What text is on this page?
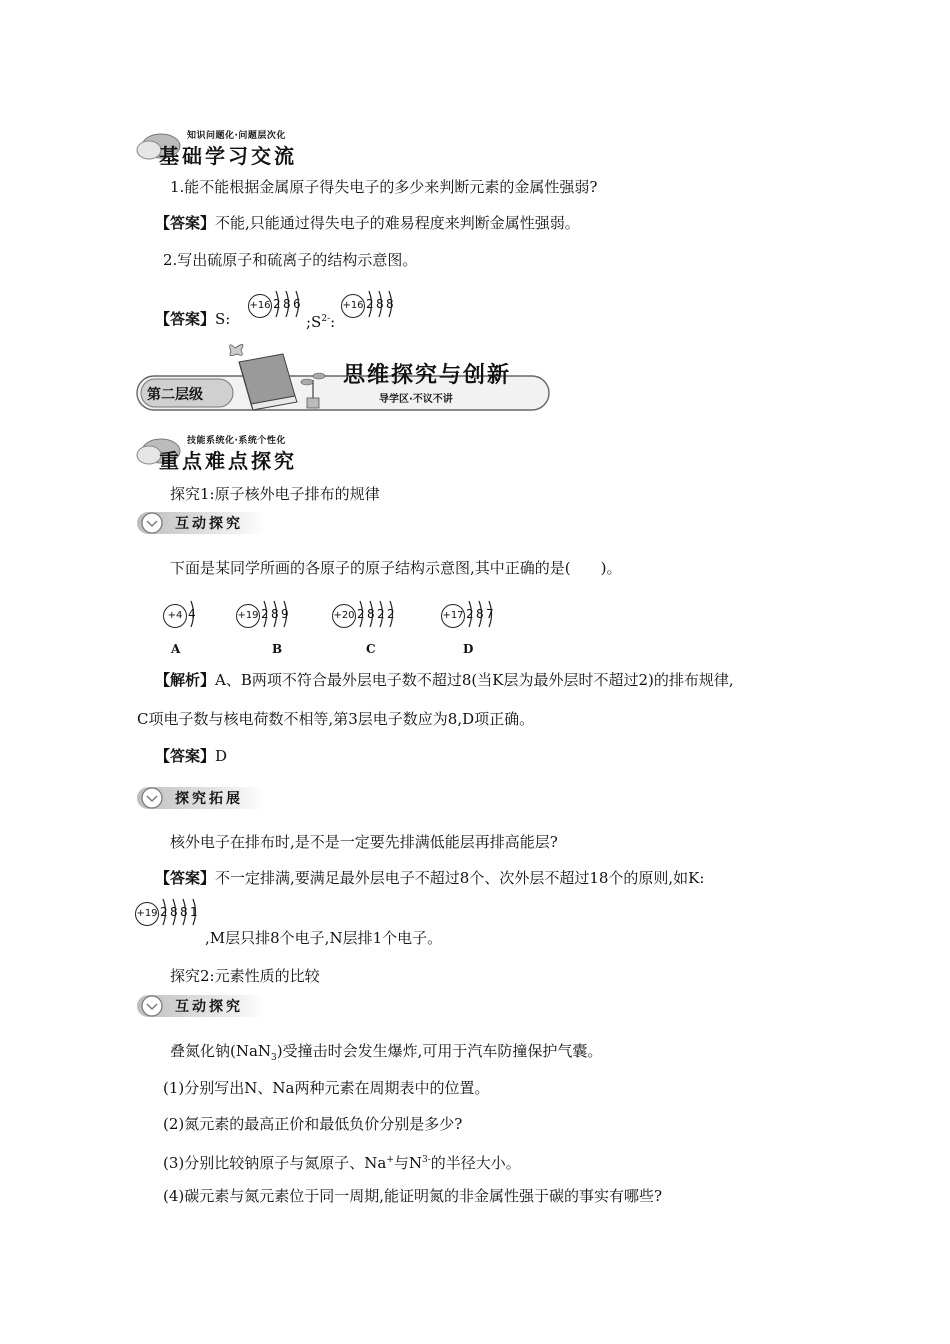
知识问题化·问题层次化
基础学习交流
1.能不能根据金属原子得失电子的多少来判断元素的金属性强弱?
【答案】不能,只能通过得失电子的难易程度来判断金属性强弱。
2.写出硫原子和硫离子的结构示意图。
【答案】S:
+16 2 8 6
$;S^{2-}$:
+16 2 8 8
第二层级
思维探究与创新
导学区·不议不讲
技能系统化·系统个性化
重点难点探究
探究1:原子核外电子排布的规律
互动探究
下面是某同学所画的各原子的原子结构示意图,其中正确的是(　　)。
+4 4
A
+19 2 8 9
B
+20 2 8 2 2
C
+17 2 8 7
D
【解析】A、B两项不符合最外层电子数不超过8(当K层为最外层时不超过2)的排布规律,
C项电子数与核电荷数不相等,第3层电子数应为8,D项正确。
【答案】D
探究拓展
核外电子在排布时,是不是一定要先排满低能层再排高能层?
【答案】不一定排满,要满足最外层电子不超过8个、次外层不超过18个的原则,如K:
+19 2 8 8 1
,M层只排8个电子,N层排1个电子。
探究2:元素性质的比较
互动探究
叠氮化钠(NaN$_3$)受撞击时会发生爆炸,可用于汽车防撞保护气囊。
(1)分别写出N、Na两种元素在周期表中的位置。
(2)氮元素的最高正价和最低负价分别是多少?
(3)分别比较钠原子与氮原子、Na+与$N^{3-}$的半径大小。
(4)碳元素与氮元素位于同一周期,能证明氮的非金属性强于碳的事实有哪些?
